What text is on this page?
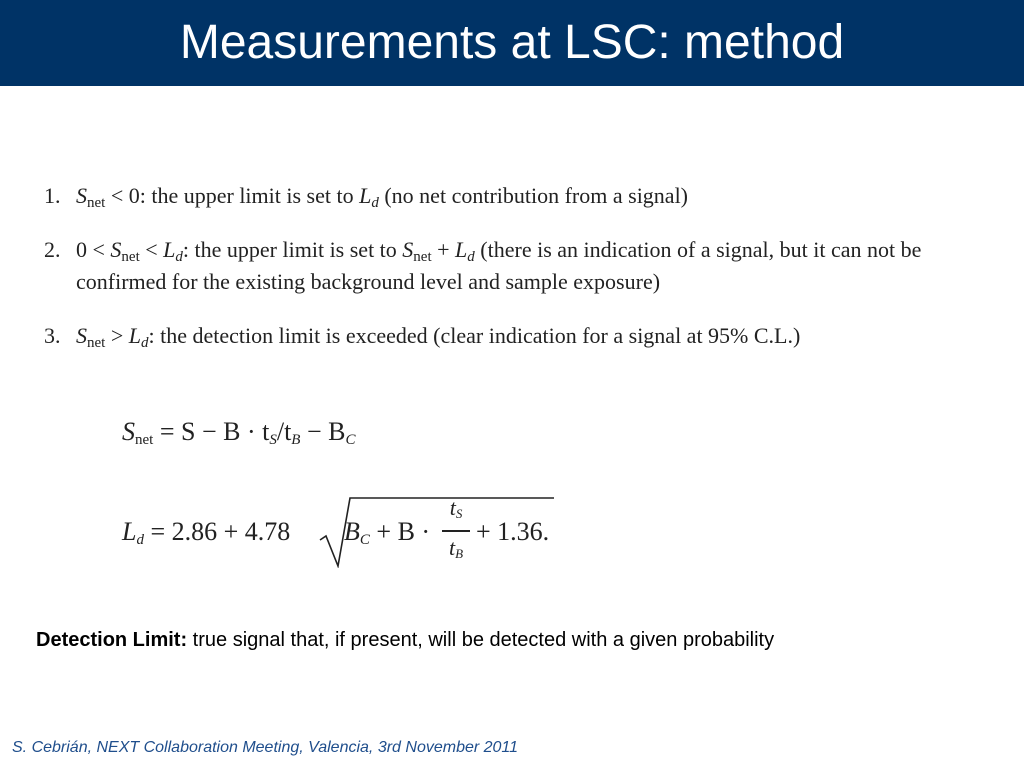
Measurements at LSC: method
1. $S_{net} < 0$: the upper limit is set to $L_d$ (no net contribution from a signal)
2. $0 < S_{net} < L_d$: the upper limit is set to $S_{net} + L_d$ (there is an indication of a signal, but it can not be confirmed for the existing background level and sample exposure)
3. $S_{net} > L_d$: the detection limit is exceeded (clear indication for a signal at 95% C.L.)
$S_{net} = S - B \cdot t_S/t_B - B_C$
$L_d = 2.86 + 4.78$ $B_C + B$ ·
$t_S$
$t_B$
+ 1.36.
Detection Limit: true signal that, if present, will be detected with a given probability
S. Cebrián, NEXT Collaboration Meeting, Valencia, 3rd November 2011
